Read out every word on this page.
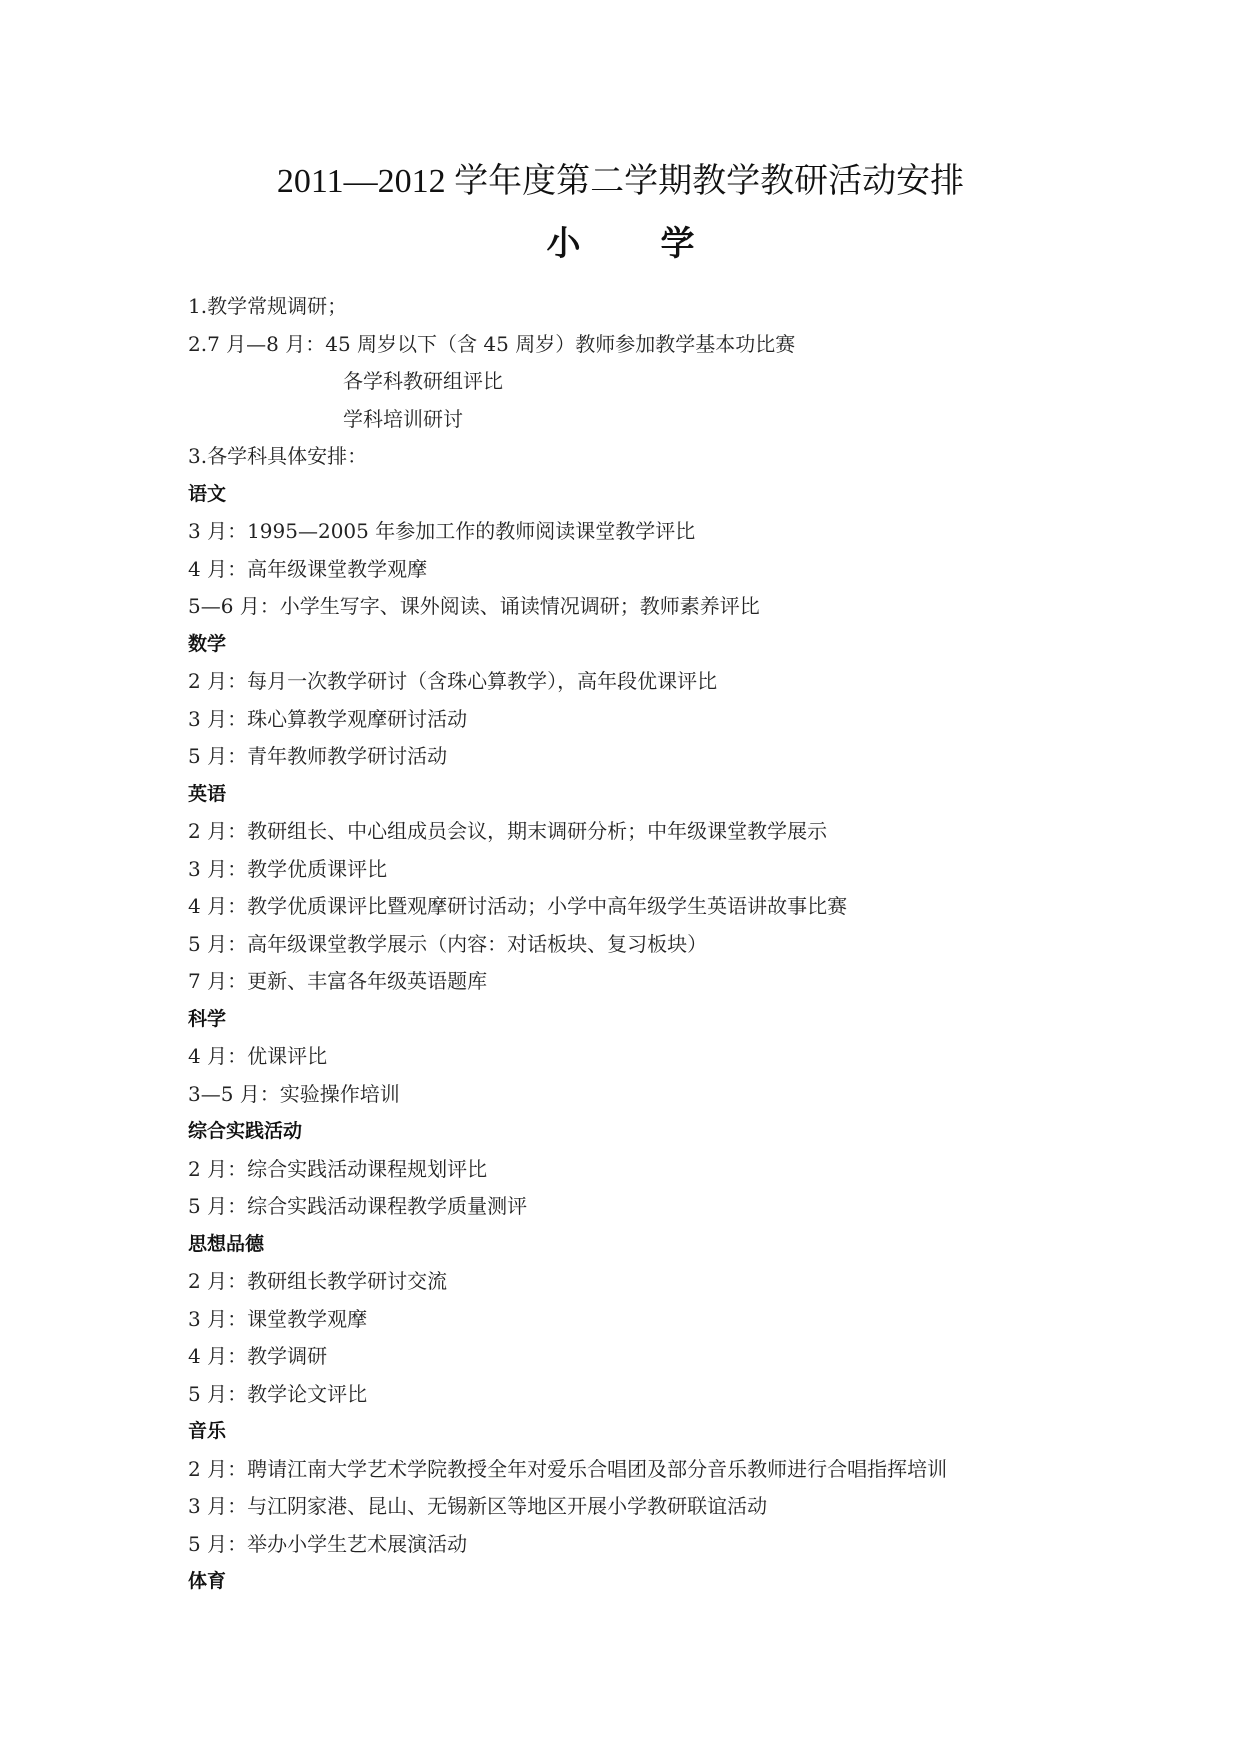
2011—2012 学年度第二学期教学教研活动安排
小 学
1.教学常规调研；
2.7 月—8 月：45 周岁以下（含 45 周岁）教师参加教学基本功比赛
各学科教研组评比
学科培训研讨
3.各学科具体安排：
语文
3 月：1995—2005 年参加工作的教师阅读课堂教学评比
4 月：高年级课堂教学观摩
5—6 月：小学生写字、课外阅读、诵读情况调研；教师素养评比
数学
2 月：每月一次教学研讨（含珠心算教学），高年段优课评比
3 月：珠心算教学观摩研讨活动
5 月：青年教师教学研讨活动
英语
2 月：教研组长、中心组成员会议，期末调研分析；中年级课堂教学展示
3 月：教学优质课评比
4 月：教学优质课评比暨观摩研讨活动；小学中高年级学生英语讲故事比赛
5 月：高年级课堂教学展示（内容：对话板块、复习板块）
7 月：更新、丰富各年级英语题库
科学
4 月：优课评比
3—5 月：实验操作培训
综合实践活动
2 月：综合实践活动课程规划评比
5 月：综合实践活动课程教学质量测评
思想品德
2 月：教研组长教学研讨交流
3 月：课堂教学观摩
4 月：教学调研
5 月：教学论文评比
音乐
2 月：聘请江南大学艺术学院教授全年对爱乐合唱团及部分音乐教师进行合唱指挥培训
3 月：与江阴家港、昆山、无锡新区等地区开展小学教研联谊活动
5 月：举办小学生艺术展演活动
体育
